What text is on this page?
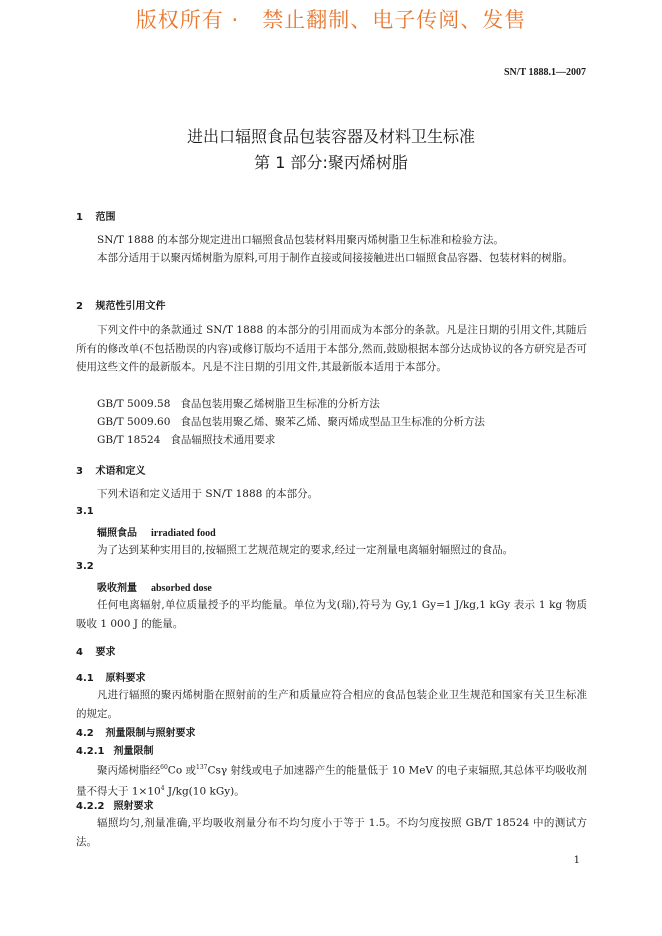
版权所有 ·   禁止翻制、电子传阅、发售
SN/T 1888.1—2007
进出口辐照食品包装容器及材料卫生标准
第 1 部分:聚丙烯树脂
1 范围
SN/T 1888 的本部分规定进出口辐照食品包装材料用聚丙烯树脂卫生标准和检验方法。
本部分适用于以聚丙烯树脂为原料,可用于制作直接或间接接触进出口辐照食品容器、包装材料的树脂。
2 规范性引用文件
下列文件中的条款通过 SN/T 1888 的本部分的引用而成为本部分的条款。凡是注日期的引用文件,其随后所有的修改单(不包括勘误的内容)或修订版均不适用于本部分,然而,鼓励根据本部分达成协议的各方研究是否可使用这些文件的最新版本。凡是不注日期的引用文件,其最新版本适用于本部分。
GB/T 5009.58   食品包装用聚乙烯树脂卫生标准的分析方法
GB/T 5009.60   食品包装用聚乙烯、聚苯乙烯、聚丙烯成型品卫生标准的分析方法
GB/T 18524   食品辐照技术通用要求
3 术语和定义
下列术语和定义适用于 SN/T 1888 的本部分。
3.1
辐照食品 irradiated food
为了达到某种实用目的,按辐照工艺规范规定的要求,经过一定剂量电离辐射辐照过的食品。
3.2
吸收剂量 absorbed dose
任何电离辐射,单位质量授予的平均能量。单位为戈(瑞),符号为 Gy,1 Gy=1 J/kg,1 kGy 表示 1 kg 物质吸收 1 000 J 的能量。
4 要求
4.1 原料要求
凡进行辐照的聚丙烯树脂在照射前的生产和质量应符合相应的食品包装企业卫生规范和国家有关卫生标准的规定。
4.2 剂量限制与照射要求
4.2.1 剂量限制
聚丙烯树脂经$^{60}$Co 或$^{137}$Csγ 射线或电子加速器产生的能量低于 10 MeV 的电子束辐照,其总体平均吸收剂量不得大于 $1\times 10^4$ J/kg(10 kGy)。
4.2.2 照射要求
辐照均匀,剂量准确,平均吸收剂量分布不均匀度小于等于 1.5。不均匀度按照 GB/T 18524 中的测试方法。
1
